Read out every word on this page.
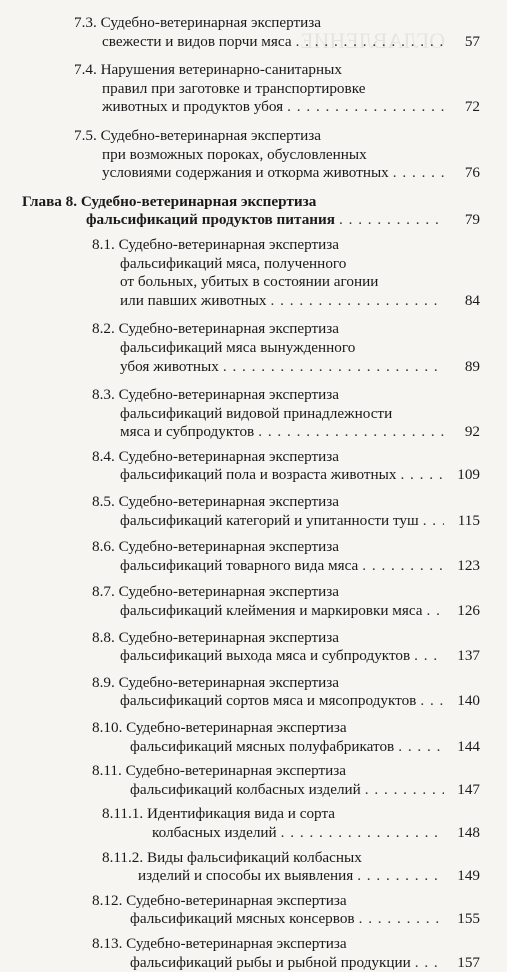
ОГЛАВЛЕНИЕ
7.3. Судебно-ветеринарная экспертиза
свежести и видов порчи мяса . . .	57
7.4. Нарушения ветеринарно-санитарных
правил при заготовке и транспортировке
животных и продуктов убоя . . .	72
7.5. Судебно-ветеринарная экспертиза
при возможных пороках, обусловленных
условиями содержания и откорма животных . . .	76
Глава 8. Судебно-ветеринарная экспертиза
фальсификаций продуктов питания . . .	79
8.1. Судебно-ветеринарная экспертиза
фальсификаций мяса, полученного
от больных, убитых в состоянии агонии
или павших животных . . .	84
8.2. Судебно-ветеринарная экспертиза
фальсификаций мяса вынужденного
убоя животных . . .	89
8.3. Судебно-ветеринарная экспертиза
фальсификаций видовой принадлежности
мяса и субпродуктов . . .	92
8.4. Судебно-ветеринарная экспертиза
фальсификаций пола и возраста животных . . .	109
8.5. Судебно-ветеринарная экспертиза
фальсификаций категорий и упитанности туш . . .	115
8.6. Судебно-ветеринарная экспертиза
фальсификаций товарного вида мяса . . .	123
8.7. Судебно-ветеринарная экспертиза
фальсификаций клеймения и маркировки мяса . . .	126
8.8. Судебно-ветеринарная экспертиза
фальсификаций выхода мяса и субпродуктов . . .	137
8.9. Судебно-ветеринарная экспертиза
фальсификаций сортов мяса и мясопродуктов . . .	140
8.10. Судебно-ветеринарная экспертиза
фальсификаций мясных полуфабрикатов . . .	144
8.11. Судебно-ветеринарная экспертиза
фальсификаций колбасных изделий . . .	147
8.11.1. Идентификация вида и сорта
колбасных изделий . . .	148
8.11.2. Виды фальсификаций колбасных
изделий и способы их выявления . . .	149
8.12. Судебно-ветеринарная экспертиза
фальсификаций мясных консервов . . .	155
8.13. Судебно-ветеринарная экспертиза
фальсификаций рыбы и рыбной продукции . . .	157
